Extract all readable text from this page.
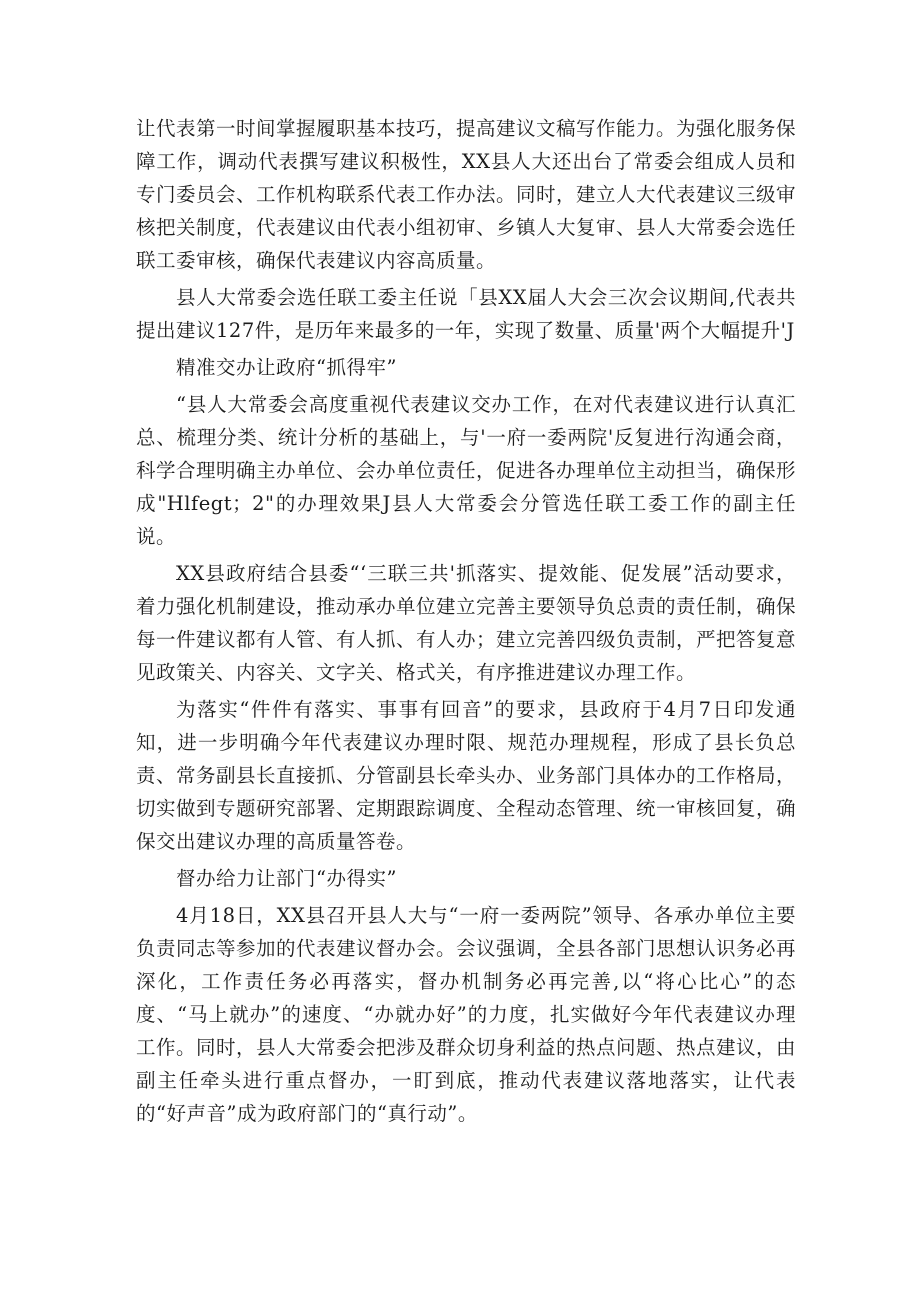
让代表第一时间掌握履职基本技巧，提高建议文稿写作能力。为强化服务保障工作，调动代表撰写建议积极性，XX县人大还出台了常委会组成人员和专门委员会、工作机构联系代表工作办法。同时，建立人大代表建议三级审核把关制度，代表建议由代表小组初审、乡镇人大复审、县人大常委会选任联工委审核，确保代表建议内容高质量。

县人大常委会选任联工委主任说「县XX届人大会三次会议期间,代表共提出建议127件，是历年来最多的一年，实现了数量、质量'两个大幅提升'J

精准交办让政府“抓得牢”

“县人大常委会高度重视代表建议交办工作，在对代表建议进行认真汇总、梳理分类、统计分析的基础上，与'一府一委两院'反复进行沟通会商，科学合理明确主办单位、会办单位责任，促进各办理单位主动担当，确保形成"Hlfegt；2"的办理效果J县人大常委会分管选任联工委工作的副主任说。

XX县政府结合县委“‘三联三共'抓落实、提效能、促发展”活动要求，着力强化机制建设，推动承办单位建立完善主要领导负总责的责任制，确保每一件建议都有人管、有人抓、有人办；建立完善四级负责制，严把答复意见政策关、内容关、文字关、格式关，有序推进建议办理工作。

为落实“件件有落实、事事有回音”的要求，县政府于4月7日印发通知，进一步明确今年代表建议办理时限、规范办理规程，形成了县长负总责、常务副县长直接抓、分管副县长牵头办、业务部门具体办的工作格局，切实做到专题研究部署、定期跟踪调度、全程动态管理、统一审核回复，确保交出建议办理的高质量答卷。

督办给力让部门“办得实”

4月18日，XX县召开县人大与“一府一委两院”领导、各承办单位主要负责同志等参加的代表建议督办会。会议强调，全县各部门思想认识务必再深化，工作责任务必再落实，督办机制务必再完善,以“将心比心”的态度、“马上就办”的速度、“办就办好”的力度，扎实做好今年代表建议办理工作。同时，县人大常委会把涉及群众切身利益的热点问题、热点建议，由副主任牵头进行重点督办，一盯到底，推动代表建议落地落实，让代表的“好声音”成为政府部门的“真行动”。
